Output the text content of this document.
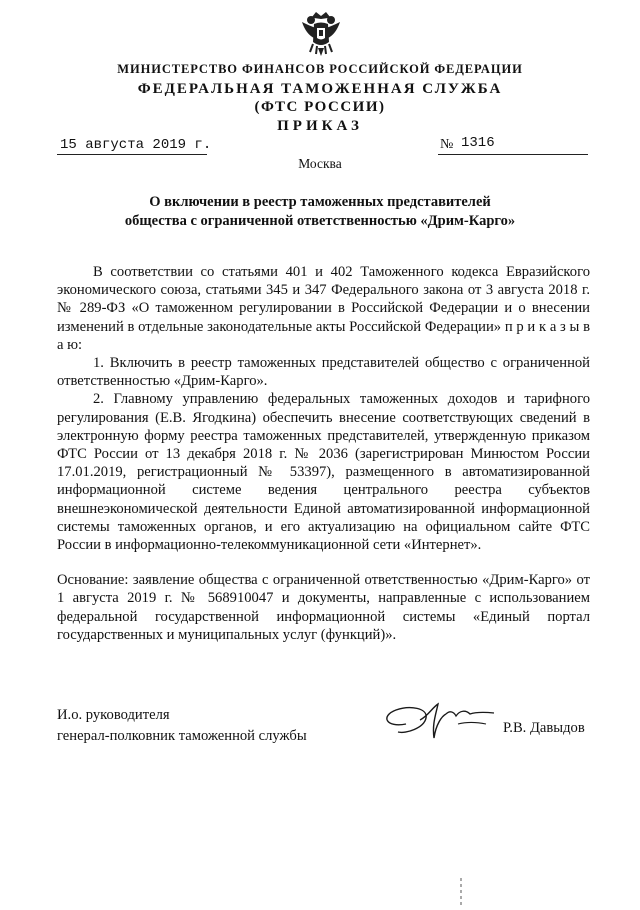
МИНИСТЕРСТВО ФИНАНСОВ РОССИЙСКОЙ ФЕДЕРАЦИИ
ФЕДЕРАЛЬНАЯ ТАМОЖЕННАЯ СЛУЖБА
(ФТС РОССИИ)
ПРИКАЗ
15 августа 2019 г.	№ 1316
Москва
О включении в реестр таможенных представителей
общества с ограниченной ответственностью «Дрим-Карго»

В соответствии со статьями 401 и 402 Таможенного кодекса Евразийского экономического союза, статьями 345 и 347 Федерального закона от 3 августа 2018 г. № 289-ФЗ «О таможенном регулировании в Российской Федерации и о внесении изменений в отдельные законодательные акты Российской Федерации» п р и к а з ы в а ю:

1. Включить в реестр таможенных представителей общество с ограниченной ответственностью «Дрим-Карго».

2. Главному управлению федеральных таможенных доходов и тарифного регулирования (Е.В. Ягодкина) обеспечить внесение соответствующих сведений в электронную форму реестра таможенных представителей, утвержденную приказом ФТС России от 13 декабря 2018 г. № 2036 (зарегистрирован Минюстом России 17.01.2019, регистрационный № 53397), размещенного в автоматизированной информационной системе ведения центрального реестра субъектов внешнеэкономической деятельности Единой автоматизированной информационной системы таможенных органов, и его актуализацию на официальном сайте ФТС России в информационно-телекоммуникационной сети «Интернет».

Основание: заявление общества с ограниченной ответственностью «Дрим-Карго» от 1 августа 2019 г. № 568910047 и документы, направленные с использованием федеральной государственной информационной системы «Единый портал государственных и муниципальных услуг (функций)».

И.о. руководителя
генерал-полковник таможенной службы	Р.В. Давыдов
